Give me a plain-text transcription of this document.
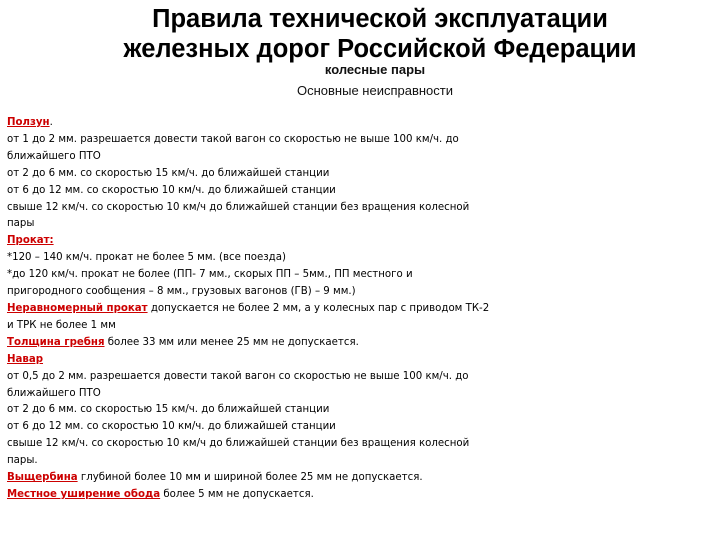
Правила технической эксплуатации
железных дорог Российской Федерации
колесные пары
Основные неисправности
Ползун.
от 1 до 2 мм. разрешается довести такой вагон со скоростью не выше 100 км/ч. до
ближайшего ПТО
от 2 до 6 мм. со скоростью 15 км/ч. до ближайшей станции
от 6 до 12 мм. со скоростью 10 км/ч. до ближайшей станции
свыше 12 км/ч. со скоростью 10 км/ч до ближайшей станции без вращения колесной
пары
Прокат:
*120 – 140 км/ч. прокат не более 5 мм. (все поезда)
*до 120 км/ч. прокат не более (ПП- 7 мм., скорых ПП – 5мм., ПП местного и
пригородного сообщения – 8 мм., грузовых вагонов (ГВ) – 9 мм.)
Неравномерный прокат допускается не более 2 мм, а у колесных пар с приводом ТК-2
и ТРК не более 1 мм
Толщина гребня более 33 мм или менее 25 мм не допускается.
Навар
от 0,5 до 2 мм. разрешается довести такой вагон со скоростью не выше 100 км/ч. до
ближайшего ПТО
от 2 до 6 мм. со скоростью 15 км/ч. до ближайшей станции
от 6 до 12 мм. со скоростью 10 км/ч. до ближайшей станции
свыше 12 км/ч. со скоростью 10 км/ч до ближайшей станции без вращения колесной
пары.
Выщербина глубиной более 10 мм и шириной более 25 мм не допускается.
Местное уширение обода более 5 мм не допускается.
